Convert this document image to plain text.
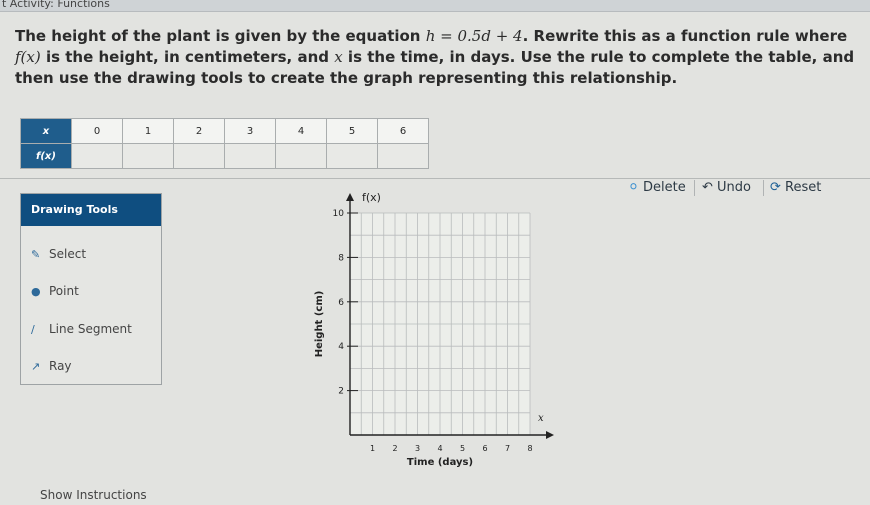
t Activity: Functions
The height of the plant is given by the equation h = 0.5d + 4. Rewrite this as a function rule where f(x) is the height, in centimeters, and x is the time, in days. Use the rule to complete the table, and then use the drawing tools to create the graph representing this relationship.
x	0	1	2	3	4	5	6
f(x)							
Drawing Tools
✎ Select
● Point
∕ Line Segment
↗ Ray
1 2 3 4 5 6 7 8
2
4
6
8
10
f(x)
x
Time (days)
Height (cm)
⚪ Delete ↶ Undo ⟳ Reset
Show Instructions
